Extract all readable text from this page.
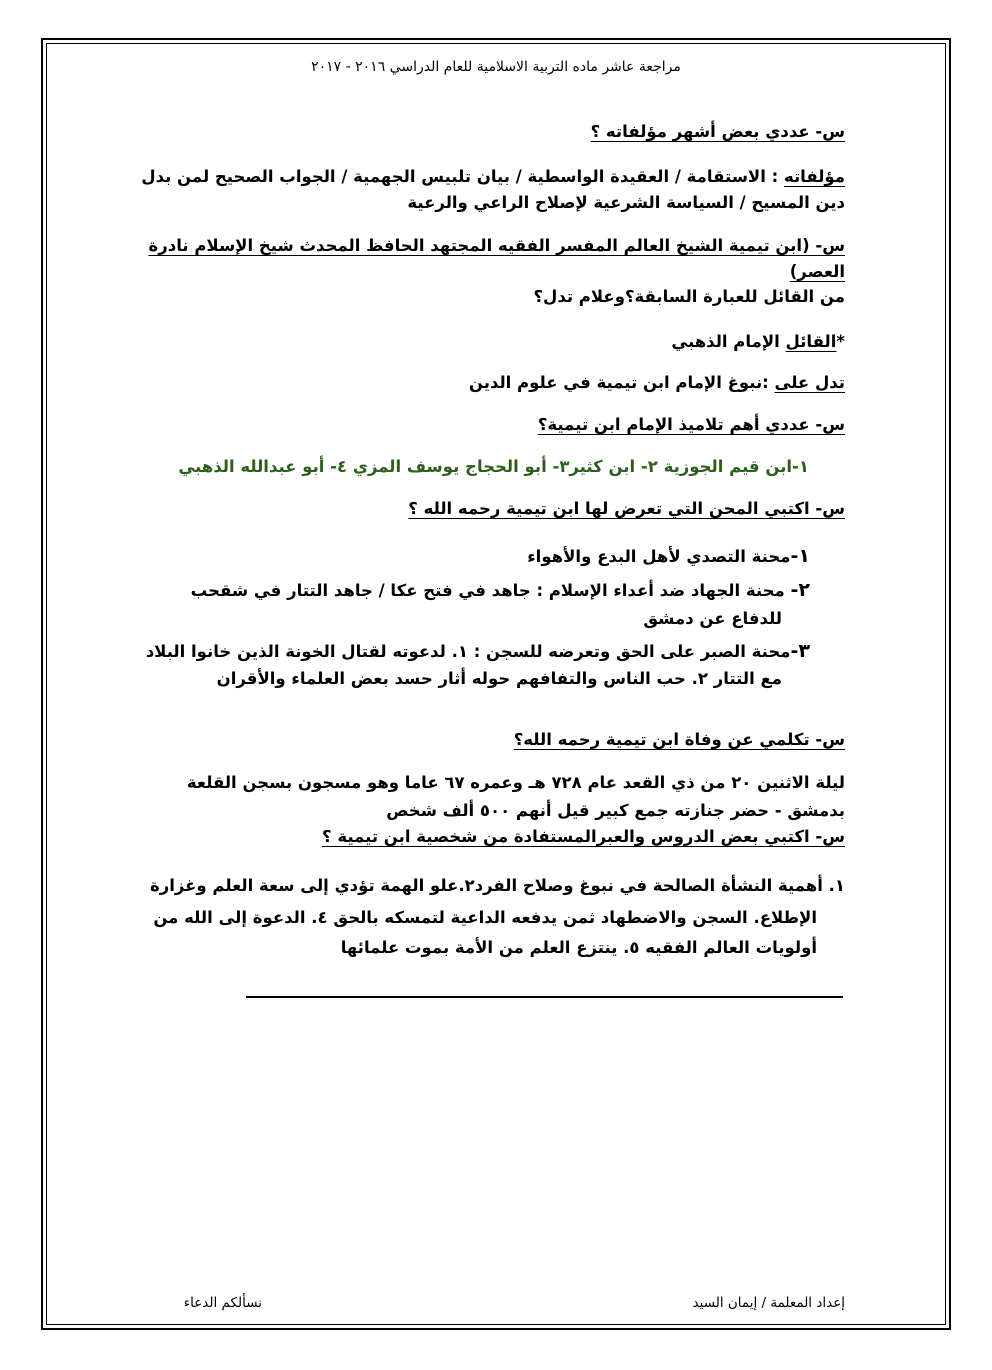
مراجعة عاشر ماده التربية الاسلامية للعام الدراسي ٢٠١٦ - ٢٠١٧
س- عددي بعض أشهر مؤلفاته ؟
مؤلفاته : الاستقامة / العقيدة الواسطية / بيان تلبيس الجهمية / الجواب الصحيح لمن بدل
دين المسيح / السياسة الشرعية لإصلاح الراعي والرعية
س- (ابن تيمية الشيخ العالم المفسر الفقيه المجتهد الحافظ المحدث شيخ الإسلام نادرة
العصر)
من القائل للعبارة السابقة؟وعلام تدل؟
*القائل الإمام الذهبي
تدل على :نبوغ الإمام ابن تيمية في علوم الدين
س- عددي أهم تلاميذ الإمام ابن تيمية؟
١-ابن قيم الجوزية ٢- ابن كثير٣- أبو الحجاج يوسف المزي ٤- أبو عبدالله الذهبي
س- اكتبي المحن التي تعرض لها ابن تيمية رحمه الله ؟
١-محنة التصدي لأهل البدع والأهواء
٢- محنة الجهاد ضد أعداء الإسلام : جاهد في فتح عكا / جاهد التتار في شقحب
للدفاع عن دمشق
٣-محنة الصبر على الحق وتعرضه للسجن : ١. لدعوته لقتال الخونة الذين خانوا البلاد
مع التتار ٢. حب الناس والتفافهم حوله أثار حسد بعض العلماء والأقران
س- تكلمي عن وفاة ابن تيمية رحمه الله؟
ليلة الاثنين ٢٠ من ذي القعد عام ٧٢٨ هـ وعمره ٦٧ عاما وهو مسجون بسجن القلعة
بدمشق - حضر جنازته جمع كبير قيل أنهم ٥٠٠ ألف شخص
س- اكتبي بعض الدروس والعبرالمستفادة من شخصية ابن تيمية ؟
١. أهمية النشأة الصالحة في نبوغ وصلاح الفرد٢.علو الهمة تؤدي إلى سعة العلم وغزارة
الإطلاع. السجن والاضطهاد ثمن يدفعه الداعية لتمسكه بالحق ٤. الدعوة إلى الله من
أولويات العالم الفقيه ٥. ينتزع العلم من الأمة بموت علمائها
إعداد المعلمة / إيمان السيد
نسألكم الدعاء
